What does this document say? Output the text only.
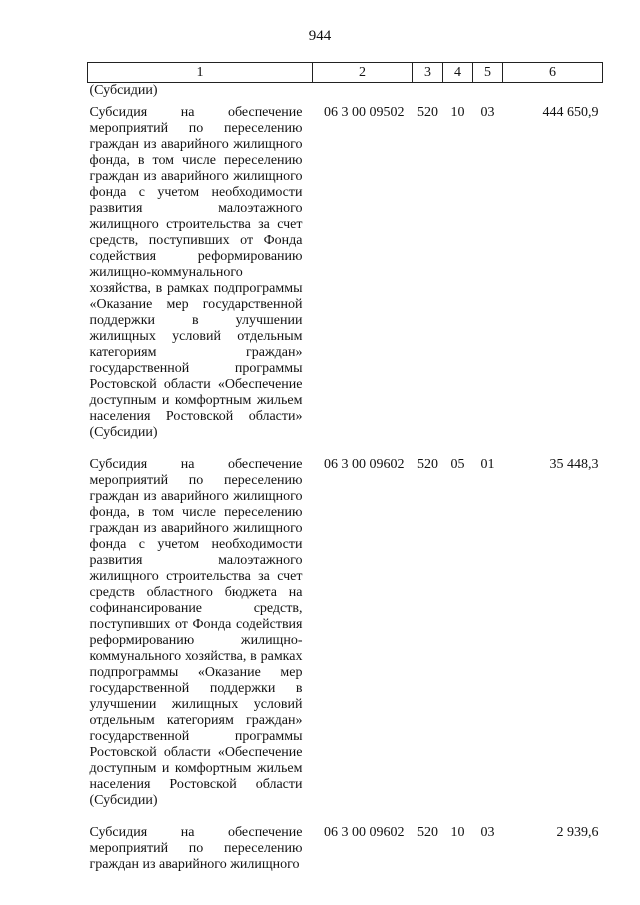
944
1	2	3	4	5	6
(Субсидии)					
Субсидия на обеспечение мероприятий по переселению граждан из аварийного жилищного фонда, в том числе переселению граждан из аварийного жилищного фонда с учетом необходимости развития малоэтажного жилищного строительства за счет средств, поступивших от Фонда содействия реформированию жилищно-коммунального хозяйства, в рамках подпрограммы «Оказание мер государственной поддержки в улучшении жилищных условий отдельным категориям граждан» государственной программы Ростовской области «Обеспечение доступным и комфортным жильем населения Ростовской области» (Субсидии)	06 3 00 09502	520	10	03	444 650,9
Субсидия на обеспечение мероприятий по переселению граждан из аварийного жилищного фонда, в том числе переселению граждан из аварийного жилищного фонда с учетом необходимости развития малоэтажного жилищного строительства за счет средств областного бюджета на софинансирование средств, поступивших от Фонда содействия реформированию жилищно-коммунального хозяйства, в рамках подпрограммы «Оказание мер государственной поддержки в улучшении жилищных условий отдельным категориям граждан» государственной программы Ростовской области «Обеспечение доступным и комфортным жильем населения Ростовской области (Субсидии)	06 3 00 09602	520	05	01	35 448,3
Субсидия на обеспечение мероприятий по переселению граждан из аварийного жилищного	06 3 00 09602	520	10	03	2 939,6
